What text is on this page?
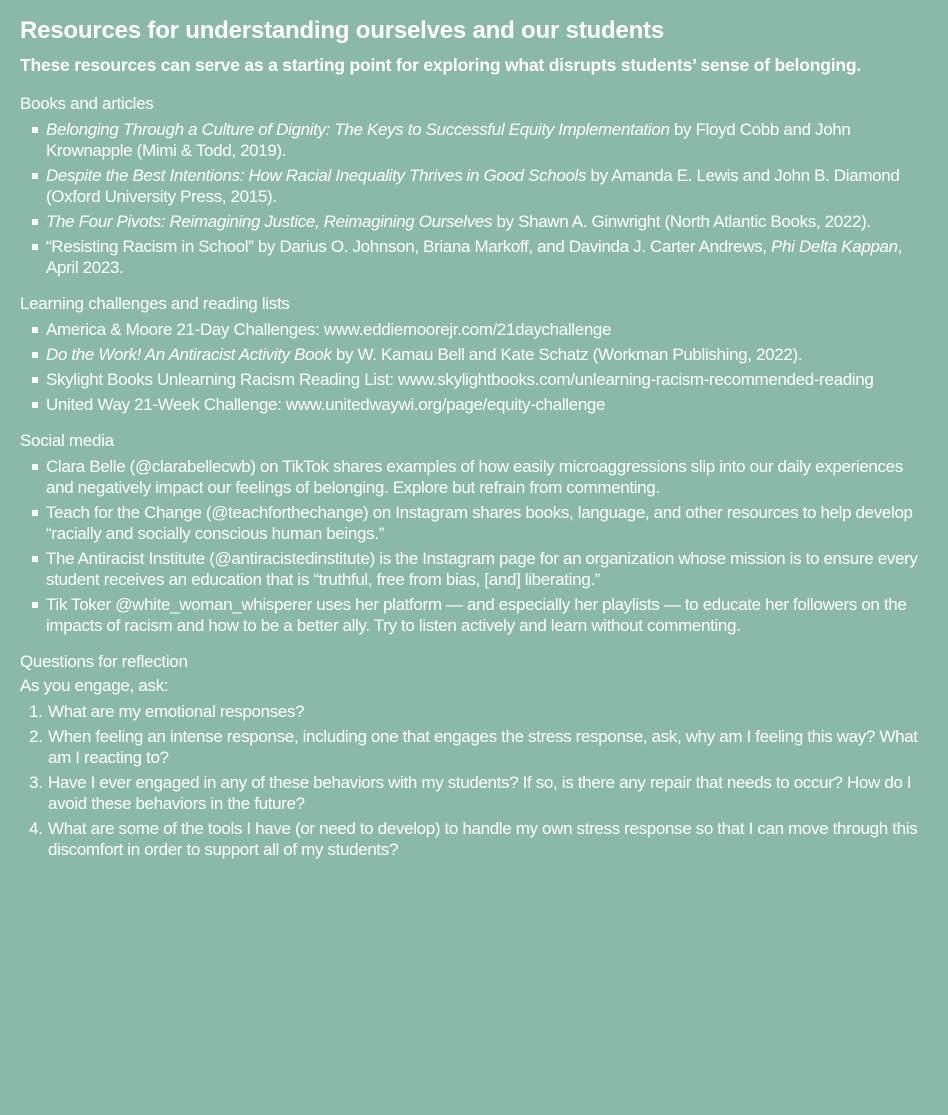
Resources for understanding ourselves and our students

These resources can serve as a starting point for exploring what disrupts students’ sense of belonging.

Books and articles

Belonging Through a Culture of Dignity: The Keys to Successful Equity Implementation by Floyd Cobb and John Krownapple (Mimi & Todd, 2019).
Despite the Best Intentions: How Racial Inequality Thrives in Good Schools by Amanda E. Lewis and John B. Diamond (Oxford University Press, 2015).
The Four Pivots: Reimagining Justice, Reimagining Ourselves by Shawn A. Ginwright (North Atlantic Books, 2022).
“Resisting Racism in School” by Darius O. Johnson, Briana Markoff, and Davinda J. Carter Andrews, Phi Delta Kappan, April 2023.

Learning challenges and reading lists

America & Moore 21-Day Challenges: www.eddiemoorejr.com/21daychallenge
Do the Work! An Antiracist Activity Book by W. Kamau Bell and Kate Schatz (Workman Publishing, 2022).
Skylight Books Unlearning Racism Reading List: www.skylightbooks.com/unlearning-racism-recommended-reading
United Way 21-Week Challenge: www.unitedwaywi.org/page/equity-challenge

Social media

Clara Belle (@clarabellecwb) on TikTok shares examples of how easily microaggressions slip into our daily experiences and negatively impact our feelings of belonging. Explore but refrain from commenting.
Teach for the Change (@teachforthechange) on Instagram shares books, language, and other resources to help develop “racially and socially conscious human beings.”
The Antiracist Institute (@antiracistedinstitute) is the Instagram page for an organization whose mission is to ensure every student receives an education that is “truthful, free from bias, [and] liberating.”
Tik Toker @white_woman_whisperer uses her platform — and especially her playlists — to educate her followers on the impacts of racism and how to be a better ally. Try to listen actively and learn without commenting.

Questions for reflection

As you engage, ask:

1. What are my emotional responses?
2. When feeling an intense response, including one that engages the stress response, ask, why am I feeling this way? What am I reacting to?
3. Have I ever engaged in any of these behaviors with my students? If so, is there any repair that needs to occur? How do I avoid these behaviors in the future?
4. What are some of the tools I have (or need to develop) to handle my own stress response so that I can move through this discomfort in order to support all of my students?
